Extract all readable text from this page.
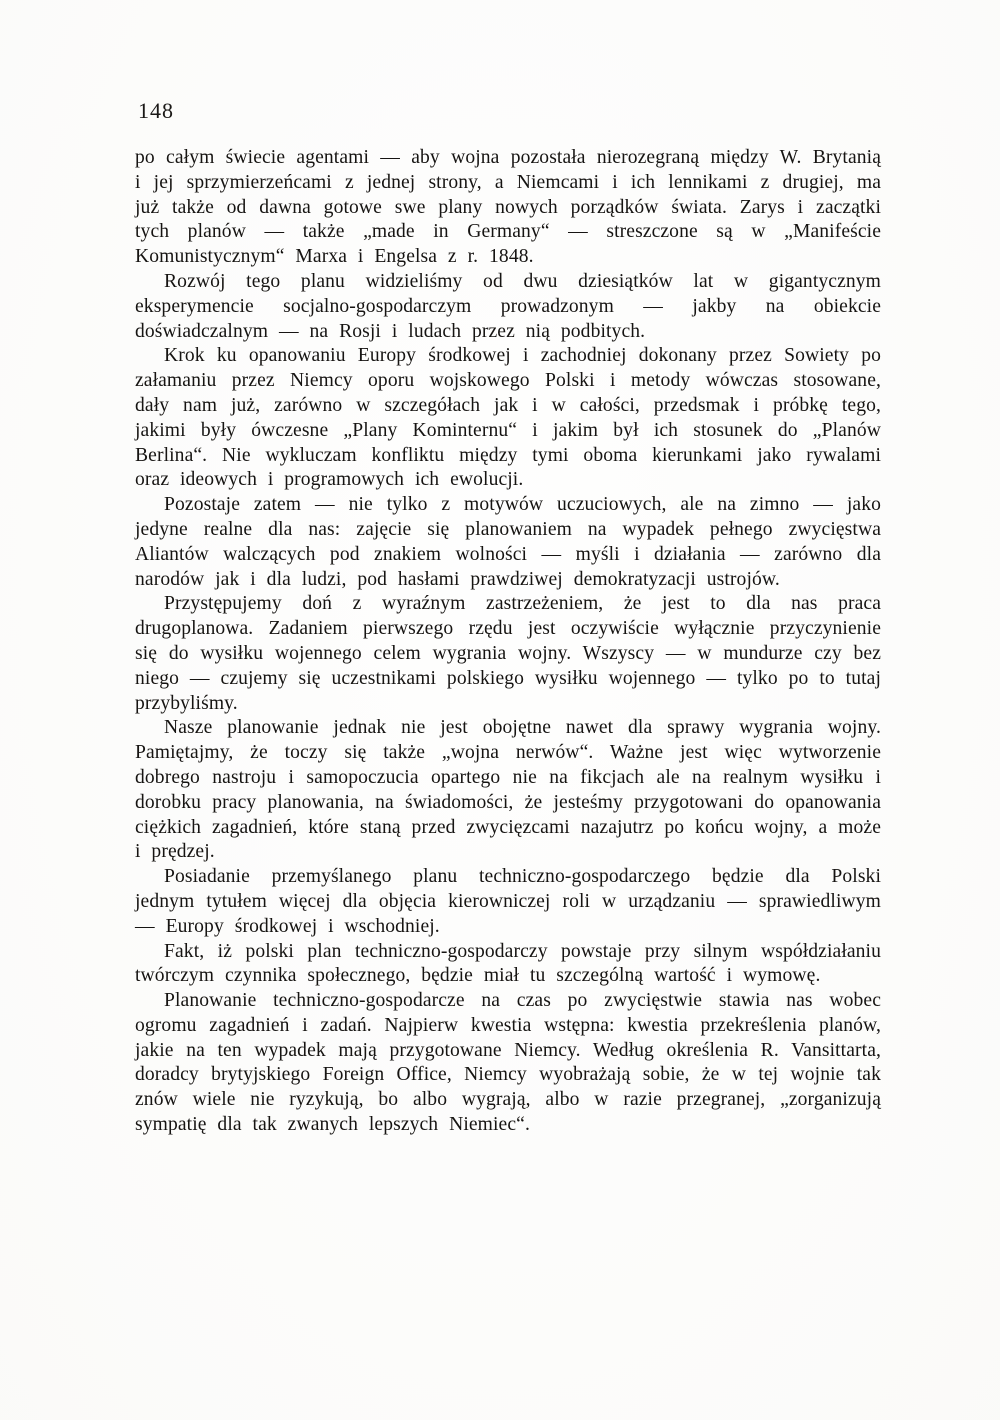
148

po całym świecie agentami — aby wojna pozostała nierozegraną między W. Brytanią i jej sprzymierzeńcami z jednej strony, a Niemcami i ich lennikami z drugiej, ma już także od dawna gotowe swe plany nowych porządków świata. Zarys i zaczątki tych planów — także „made in Germany“ — streszczone są w „Manifeście Komunistycznym“ Marxa i Engelsa z r. 1848.

Rozwój tego planu widzieliśmy od dwu dziesiątków lat w gigantycznym eksperymencie socjalno-gospodarczym prowadzonym — jakby na obiekcie doświadczalnym — na Rosji i ludach przez nią podbitych.

Krok ku opanowaniu Europy środkowej i zachodniej dokonany przez Sowiety po załamaniu przez Niemcy oporu wojskowego Polski i metody wówczas stosowane, dały nam już, zarówno w szczegółach jak i w całości, przedsmak i próbkę tego, jakimi były ówczesne „Plany Kominternu“ i jakim był ich stosunek do „Planów Berlina“. Nie wykluczam konfliktu między tymi oboma kierunkami jako rywalami oraz ideowych i programowych ich ewolucji.

Pozostaje zatem — nie tylko z motywów uczuciowych, ale na zimno — jako jedyne realne dla nas: zajęcie się planowaniem na wypadek pełnego zwycięstwa Aliantów walczących pod znakiem wolności — myśli i działania — zarówno dla narodów jak i dla ludzi, pod hasłami prawdziwej demokratyzacji ustrojów.

Przystępujemy doń z wyraźnym zastrzeżeniem, że jest to dla nas praca drugoplanowa. Zadaniem pierwszego rzędu jest oczywiście wyłącznie przyczynienie się do wysiłku wojennego celem wygrania wojny. Wszyscy — w mundurze czy bez niego — czujemy się uczestnikami polskiego wysiłku wojennego — tylko po to tutaj przybyliśmy.

Nasze planowanie jednak nie jest obojętne nawet dla sprawy wygrania wojny. Pamiętajmy, że toczy się także „wojna nerwów“. Ważne jest więc wytworzenie dobrego nastroju i samopoczucia opartego nie na fikcjach ale na realnym wysiłku i dorobku pracy planowania, na świadomości, że jesteśmy przygotowani do opanowania ciężkich zagadnień, które staną przed zwycięzcami nazajutrz po końcu wojny, a może i prędzej.

Posiadanie przemyślanego planu techniczno-gospodarczego będzie dla Polski jednym tytułem więcej dla objęcia kierowniczej roli w urządzaniu — sprawiedliwym — Europy środkowej i wschodniej.

Fakt, iż polski plan techniczno-gospodarczy powstaje przy silnym współdziałaniu twórczym czynnika społecznego, będzie miał tu szczególną wartość i wymowę.

Planowanie techniczno-gospodarcze na czas po zwycięstwie stawia nas wobec ogromu zagadnień i zadań. Najpierw kwestia wstępna: kwestia przekreślenia planów, jakie na ten wypadek mają przygotowane Niemcy. Według określenia R. Vansittarta, doradcy brytyjskiego Foreign Office, Niemcy wyobrażają sobie, że w tej wojnie tak znów wiele nie ryzykują, bo albo wygrają, albo w razie przegranej, „zorganizują sympatię dla tak zwanych lepszych Niemiec“.
